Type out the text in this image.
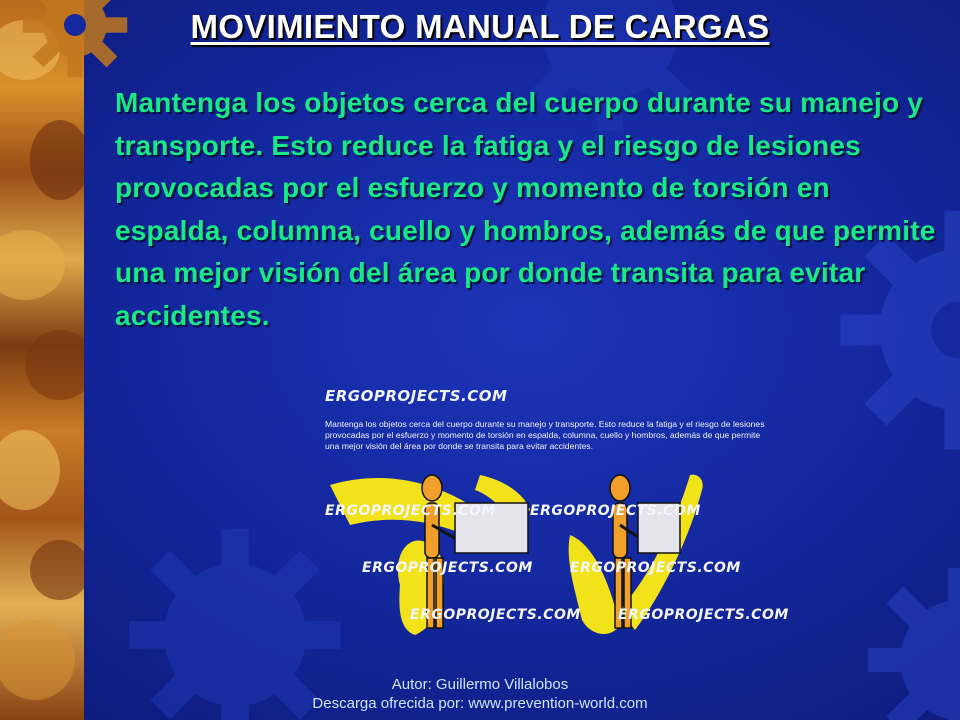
MOVIMIENTO MANUAL DE CARGAS
ERGOPROJECTS.COM
Mantenga los objetos cerca del cuerpo durante su manejo y transporte. Esto reduce la fatiga y el riesgo de lesiones provocadas por el esfuerzo y momento de torsión en espalda, columna, cuello y hombros, además de que permite una mejor visión del área por donde se transita para evitar accidentes.
ERGOPROJECTS.COM ERGOPROJECTS.COM
ERGOPROJECTS.COM	ERGOPROJECTS.COM
ERGOPROJECTS.COM	ERGOPROJECTS.COM

Mantenga los objetos cerca del cuerpo durante su manejo y transporte. Esto reduce la fatiga y el riesgo de lesiones provocadas por el esfuerzo y momento de torsión en espalda, columna, cuello y hombros, además de que permite una mejor visión del área por donde transita para evitar accidentes.

Autor: Guillermo Villalobos
Descarga ofrecida por: www.prevention-world.com
